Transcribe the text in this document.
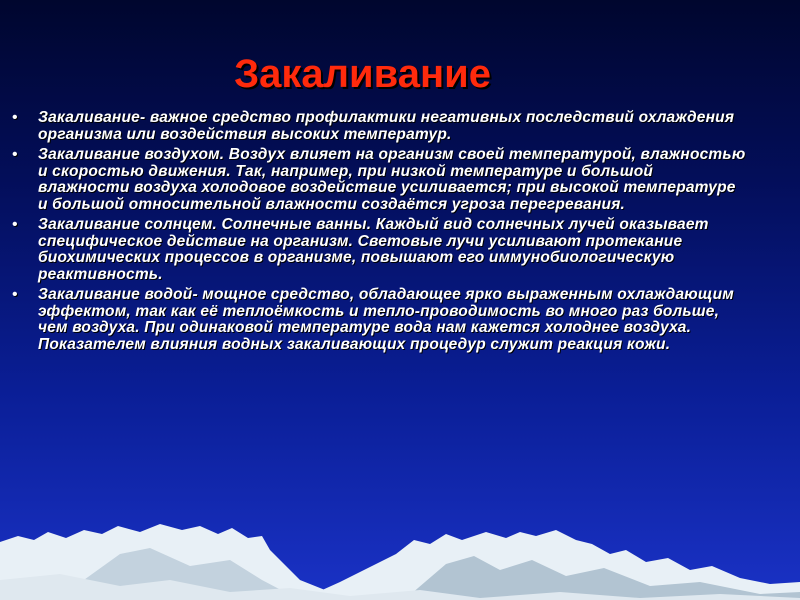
Закаливание
• Закаливание- важное средство профилактики негативных последствий охлаждения организма или воздействия высоких температур.
• Закаливание воздухом. Воздух влияет на организм своей температурой, влажностью и скоростью движения. Так, например, при низкой температуре и большой влажности воздуха холодовое воздействие усиливается; при высокой температуре и большой относительной влажности создаётся угроза перегревания.
• Закаливание солнцем. Солнечные ванны. Каждый вид солнечных лучей оказывает специфическое действие на организм. Световые лучи усиливают протекание биохимических процессов в организме, повышают его иммунобиологическую реактивность.
• Закаливание водой- мощное средство, обладающее ярко выраженным охлаждающим эффектом, так как её теплоёмкость и тепло-проводимость во много раз больше, чем воздуха. При одинаковой температуре вода нам кажется холоднее воздуха. Показателем влияния водных закаливающих процедур служит реакция кожи.
